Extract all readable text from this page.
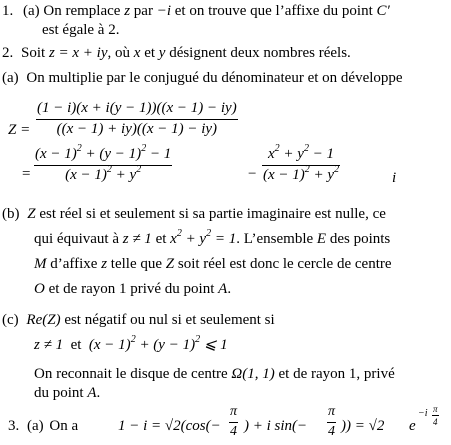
1. (a) On remplace z par −i et on trouve que l’affixe du point C′
est égale à 2.
2. Soit z = x + iy, où x et y désignent deux nombres réels.
(a) On multiplie par le conjugué du dénominateur et on développe
Z =
(1 − i)(x + i(y − 1))((x − 1) − iy)
((x − 1) + iy)((x − 1) − iy)
=
$(x - 1)^2 + (y - 1)^2 - 1$
$(x - 1)^2 + y^2$	−
$x^2 + y^2 - 1$
$(x - 1)^2 + y^2$
i
(b) Z est réel si et seulement si sa partie imaginaire est nulle, ce
qui équivaut à z ≠ 1 et $x^2 + y^2 = 1$. L’ensemble E des points
M d’affixe z telle que Z soit réel est donc le cercle de centre
O et de rayon 1 privé du point A.
(c) Re(Z) est négatif ou nul si et seulement si
z ≠ 1  et  $(x - 1)^2 + (y - 1)^2$ ⩽ 1
On reconnait le disque de centre Ω(1, 1) et de rayon 1, privé
du point A.
3. (a) On a	1 − i = √2(cos(−
π
4 ) + i sin(−
π
4 )) = √2 e
−i π
4
